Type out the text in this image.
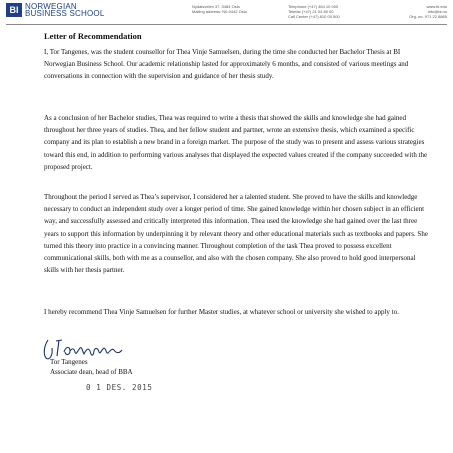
BI NORWEGIAN
BUSINESS SCHOOL
Nydalsveien 37, 0484 Oslo
Mailing address: N0-0442 Oslo
Telephone (+47) 464 10 000
Telefax (+47) 21 04 80 00
Call Center (+47) 810 00 500
www.bi.edu
info@bi.no
Org. no. 971 22 8865
Letter of Recommendation

I, Tor Tangenes, was the student counsellor for Thea Vinje Samuelsen, during the time she conducted her Bachelor Thesis at BI Norwegian Business School. Our academic relationship lasted for approximately 6 months, and consisted of various meetings and conversations in connection with the supervision and guidance of her thesis study.

As a conclusion of her Bachelor studies, Thea was required to write a thesis that showed the skills and knowledge she had gained throughout her three years of studies. Thea, and her fellow student and partner, wrote an extensive thesis, which examined a specific company and its plan to establish a new brand in a foreign market. The purpose of the study was to present and assess various strategies toward this end, in addition to performing various analyses that displayed the expected values created if the company succeeded with the proposed project.

Throughout the period I served as Thea’s supervisor, I considered her a talented student. She proved to have the skills and knowledge necessary to conduct an independent study over a longer period of time. She gained knowledge within her chosen subject in an efficient way, and successfully assessed and critically interpreted this information. Thea used the knowledge she had gained over the last three years to support this information by underpinning it by relevant theory and other educational materials such as textbooks and papers. She turned this theory into practice in a convincing manner. Throughout completion of the task Thea proved to possess excellent communicational skills, both with me as a counsellor, and also with the chosen company. She also proved to hold good interpersonal skills with her thesis partner.

I hereby recommend Thea Vinje Samuelsen for further Master studies, at whatever school or university she wished to apply to.

Tor Tangenes
Associate dean, head of BBA
0 1 DES. 2015
